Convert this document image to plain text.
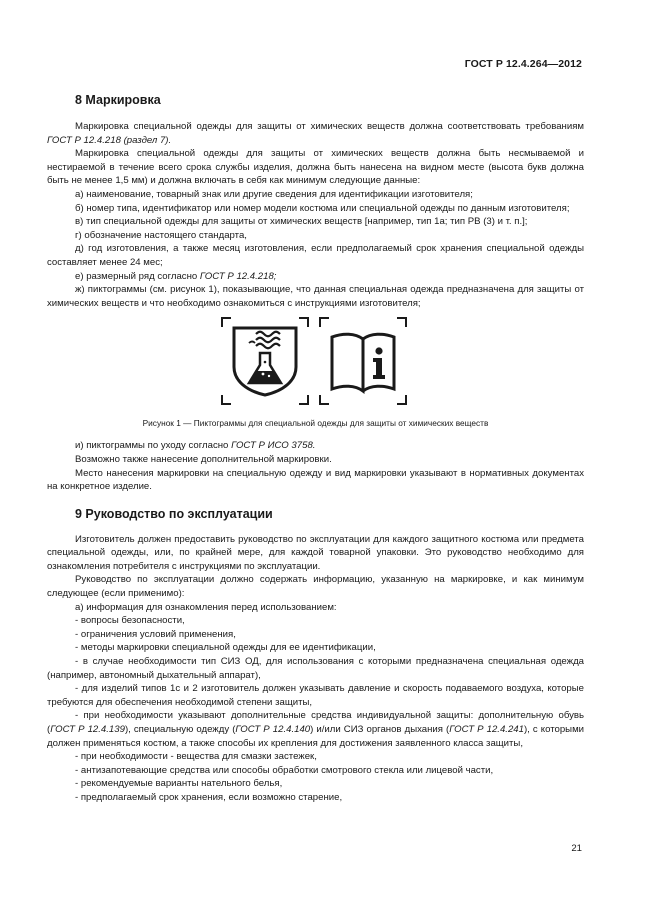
ГОСТ Р 12.4.264—2012
8 Маркировка

Маркировка специальной одежды для защиты от химических веществ должна соответствовать требованиям ГОСТ Р 12.4.218 (раздел 7).

Маркировка специальной одежды для защиты от химических веществ должна быть несмываемой и нестираемой в течение всего срока службы изделия, должна быть нанесена на видном месте (высота букв должна быть не менее 1,5 мм) и должна включать в себя как минимум следующие данные:

а) наименование, товарный знак или другие сведения для идентификации изготовителя;

б) номер типа, идентификатор или номер модели костюма или специальной одежды по данным изготовителя;

в) тип специальной одежды для защиты от химических веществ [например, тип 1а; тип PB (3) и т. п.];

г) обозначение настоящего стандарта,

д) год изготовления, а также месяц изготовления, если предполагаемый срок хранения специальной одежды составляет менее 24 мес;

е) размерный ряд согласно ГОСТ Р 12.4.218;

ж) пиктограммы (см. рисунок 1), показывающие, что данная специальная одежда предназначена для защиты от химических веществ и что необходимо ознакомиться с инструкциями изготовителя;

Рисунок 1 — Пиктограммы для специальной одежды для защиты от химических веществ

и) пиктограммы по уходу согласно ГОСТ Р ИСО 3758.

Возможно также нанесение дополнительной маркировки.

Место нанесения маркировки на специальную одежду и вид маркировки указывают в нормативных документах на конкретное изделие.

9 Руководство по эксплуатации

Изготовитель должен предоставить руководство по эксплуатации для каждого защитного костюма или предмета специальной одежды, или, по крайней мере, для каждой товарной упаковки. Это руководство необходимо для ознакомления потребителя с инструкциями по эксплуатации.

Руководство по эксплуатации должно содержать информацию, указанную на маркировке, и как минимум следующее (если применимо):

а) информация для ознакомления перед использованием:

- вопросы безопасности,

- ограничения условий применения,

- методы маркировки специальной одежды для ее идентификации,

- в случае необходимости тип СИЗ ОД, для использования с которыми предназначена специальная одежда (например, автономный дыхательный аппарат),

- для изделий типов 1с и 2 изготовитель должен указывать давление и скорость подаваемого воздуха, которые требуются для обеспечения необходимой степени защиты,

- при необходимости указывают дополнительные средства индивидуальной защиты: дополнительную обувь (ГОСТ Р 12.4.139), специальную одежду (ГОСТ Р 12.4.140) и/или СИЗ органов дыхания (ГОСТ Р 12.4.241), с которыми должен применяться костюм, а также способы их крепления для достижения заявленного класса защиты,

- при необходимости - вещества для смазки застежек,

- антизапотевающие средства или способы обработки смотрового стекла или лицевой части,

- рекомендуемые варианты нательного белья,

- предполагаемый срок хранения, если возможно старение,

21
